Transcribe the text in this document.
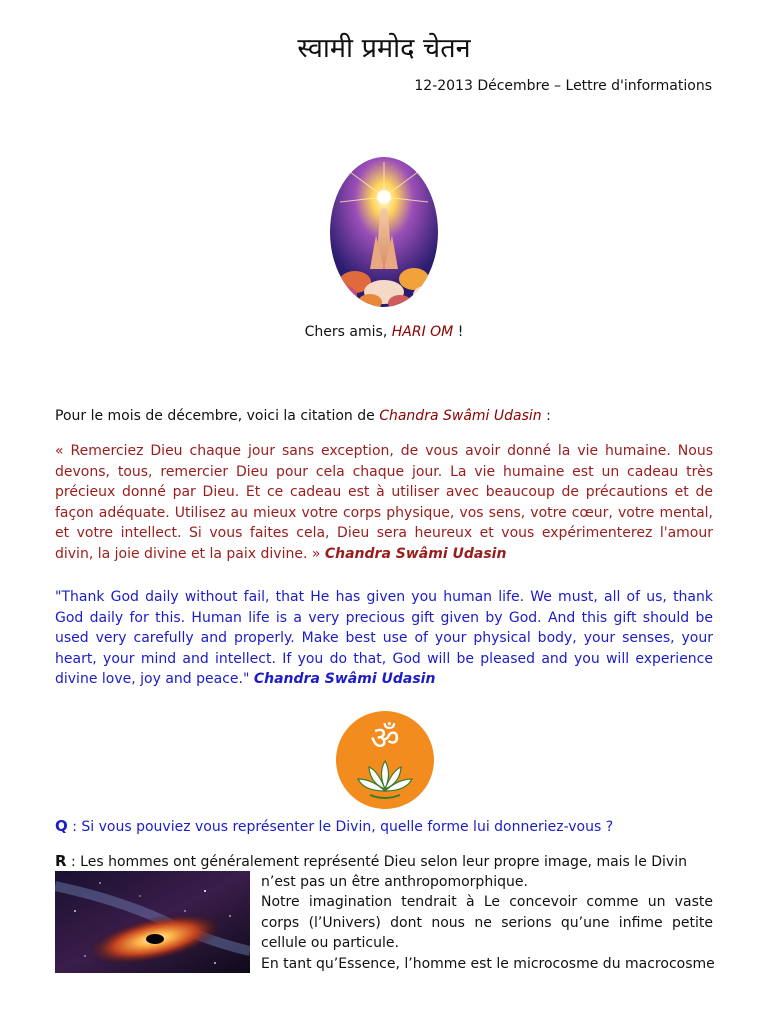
स्वामी प्रमोद चेतन
12-2013 Décembre – Lettre d'informations
Chers amis, HARI OM !
Pour le mois de décembre, voici la citation de Chandra Swâmi Udasin :
« Remerciez Dieu chaque jour sans exception, de vous avoir donné la vie humaine. Nous devons, tous, remercier Dieu pour cela chaque jour. La vie humaine est un cadeau très précieux donné par Dieu. Et ce cadeau est à utiliser avec beaucoup de précautions et de façon adéquate. Utilisez au mieux votre corps physique, vos sens, votre cœur, votre mental, et votre intellect. Si vous faites cela, Dieu sera heureux et vous expérimenterez l'amour divin, la joie divine et la paix divine. » Chandra Swâmi Udasin
"Thank God daily without fail, that He has given you human life. We must, all of us, thank God daily for this. Human life is a very precious gift given by God. And this gift should be used very carefully and properly. Make best use of your physical body, your senses, your heart, your mind and intellect. If you do that, God will be pleased and you will experience divine love, joy and peace." Chandra Swâmi Udasin
ॐ
Q : Si vous pouviez vous représenter le Divin, quelle forme lui donneriez-vous ?
R : Les hommes ont généralement représenté Dieu selon leur propre image, mais le Divin

n’est pas un être anthropomorphique.

Notre imagination tendrait à Le concevoir comme un vaste corps (l’Univers) dont nous ne serions qu’une infime petite cellule ou particule.

En tant qu’Essence, l’homme est le microcosme du macrocosme
